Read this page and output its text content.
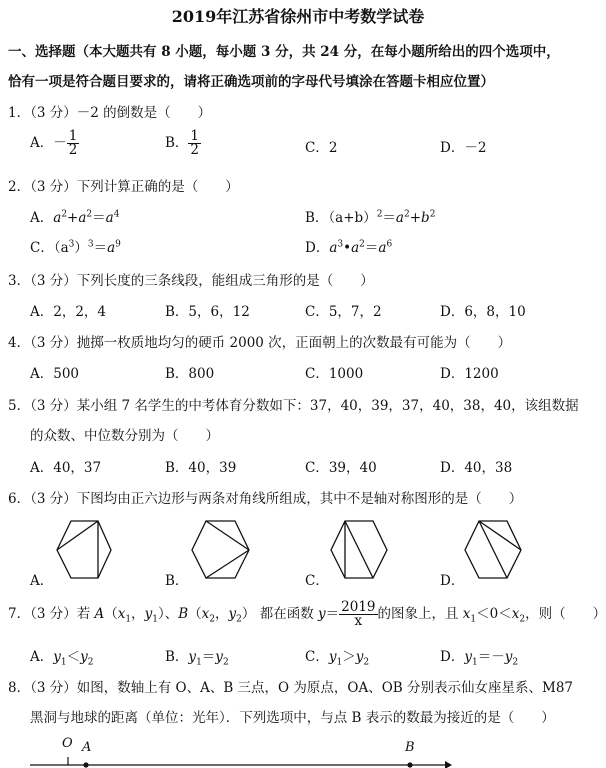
2019年江苏省徐州市中考数学试卷
一、选择题（本大题共有 8 小题，每小题 3 分，共 24 分，在每小题所给出的四个选项中，
恰有一项是符合题目要求的，请将正确选项前的字母代号填涂在答题卡相应位置）
1．（3 分）－2 的倒数是（　　）
A．－ $\frac{1}{2}$	B． $\frac{1}{2}$	C．2	D．－2
2．（3 分）下列计算正确的是（　　）
A．$a^2+a^2=a^4$	B．$(a+b)^2=a^2+b^2$
C．$(a^3)^3=a^9$	D．$a^3•a^2=a^6$
3．（3 分）下列长度的三条线段，能组成三角形的是（　　）
A．2，2，4	B．5，6，12	C．5，7，2	D．6，8，10
4．（3 分）抛掷一枚质地均匀的硬币 2000 次，正面朝上的次数最有可能为（　　）
A．500	B．800	C．1000	D．1200
5．（3 分）某小组 7 名学生的中考体育分数如下：37，40，39，37，40，38，40，该组数据
的众数、中位数分别为（　　）
A．40，37	B．40，39	C．39，40	D．40，38
6．（3 分）下图均由正六边形与两条对角线所组成，其中不是轴对称图形的是（　　）
A．	B．	C．	D．
7．（3 分）若 $A(x_1$，$y_1$）、$B(x_2$，$y_2$） 都在函数 $y= \frac{2019}{x}$ 的图象上，且 $x_1<0<x_2$，则（　　）
A．$y_1<y_2$	B．$y_1=y_2$	C．$y_1>y_2$	D．$y_1=-y_2$
8．（3 分）如图，数轴上有 O、A、B 三点，O 为原点，OA、OB 分别表示仙女座星系、M87
黑洞与地球的距离（单位：光年）．下列选项中，与点 B 表示的数最为接近的是（　　）
O A	B
